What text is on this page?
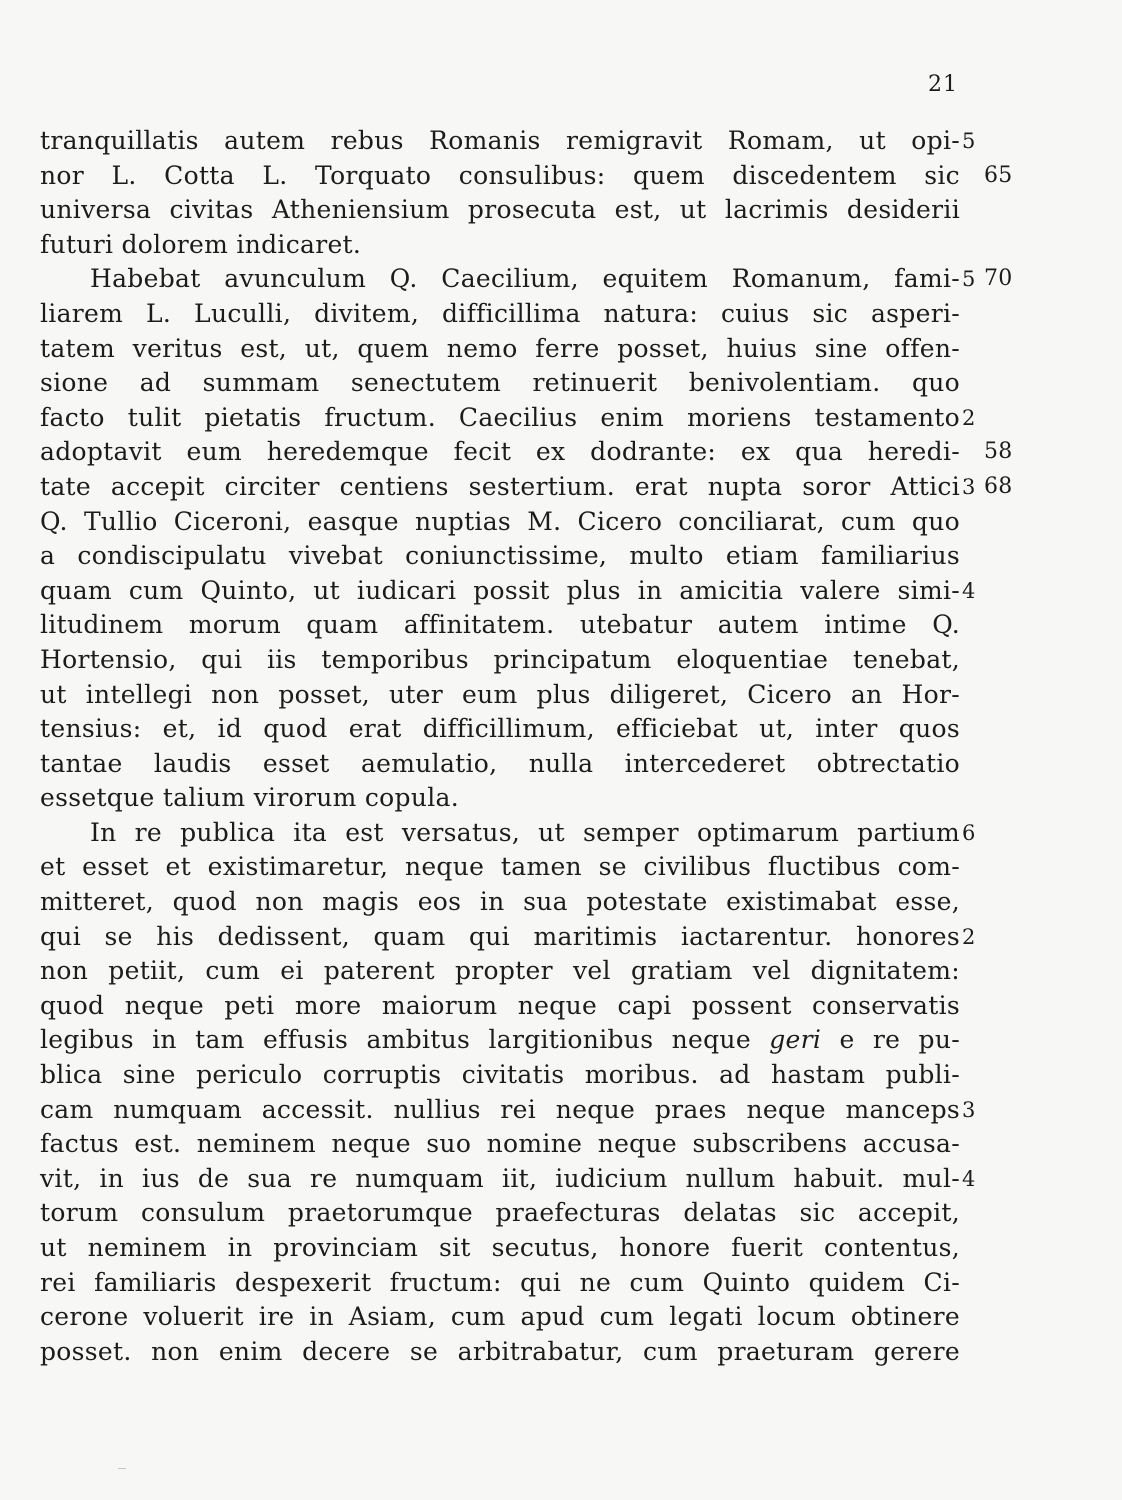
21
tranquillatis autem rebus Romanis remigravit Romam, ut opi- 5
nor L. Cotta L. Torquato consulibus: quem discedentem sic 65
universa civitas Atheniensium prosecuta est, ut lacrimis desiderii
futuri dolorem indicaret.
Habebat avunculum Q. Caecilium, equitem Romanum, fami- 5 70
liarem L. Luculli, divitem, difficillima natura: cuius sic asperi-
tatem veritus est, ut, quem nemo ferre posset, huius sine offen-
sione ad summam senectutem retinuerit benivolentiam. quo
facto tulit pietatis fructum. Caecilius enim moriens testamento 2
adoptavit eum heredemque fecit ex dodrante: ex qua heredi- 58
tate accepit circiter centiens sestertium. erat nupta soror Attici 3 68
Q. Tullio Ciceroni, easque nuptias M. Cicero conciliarat, cum quo
a condiscipulatu vivebat coniunctissime, multo etiam familiarius
quam cum Quinto, ut iudicari possit plus in amicitia valere simi- 4
litudinem morum quam affinitatem. utebatur autem intime Q.
Hortensio, qui iis temporibus principatum eloquentiae tenebat,
ut intellegi non posset, uter eum plus diligeret, Cicero an Hor-
tensius: et, id quod erat difficillimum, efficiebat ut, inter quos
tantae laudis esset aemulatio, nulla intercederet obtrectatio
essetque talium virorum copula.
In re publica ita est versatus, ut semper optimarum partium 6
et esset et existimaretur, neque tamen se civilibus fluctibus com-
mitteret, quod non magis eos in sua potestate existimabat esse,
qui se his dedissent, quam qui maritimis iactarentur. honores 2
non petiit, cum ei paterent propter vel gratiam vel dignitatem:
quod neque peti more maiorum neque capi possent conservatis
legibus in tam effusis ambitus largitionibus neque geri e re pu-
blica sine periculo corruptis civitatis moribus. ad hastam publi-
cam numquam accessit. nullius rei neque praes neque manceps 3
factus est. neminem neque suo nomine neque subscribens accusa-
vit, in ius de sua re numquam iit, iudicium nullum habuit. mul- 4
torum consulum praetorumque praefecturas delatas sic accepit,
ut neminem in provinciam sit secutus, honore fuerit contentus,
rei familiaris despexerit fructum: qui ne cum Quinto quidem Ci-
cerone voluerit ire in Asiam, cum apud cum legati locum obtinere
posset. non enim decere se arbitrabatur, cum praeturam gerere
